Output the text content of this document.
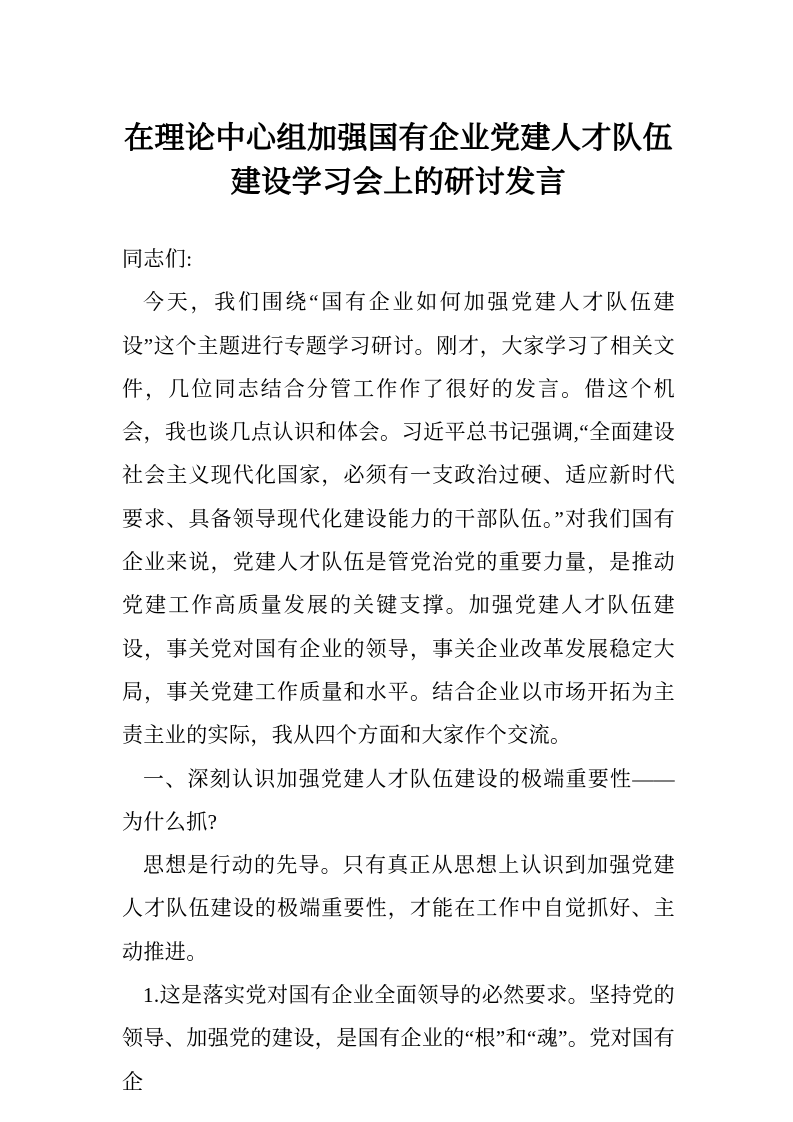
在理论中心组加强国有企业党建人才队伍
建设学习会上的研讨发言

同志们:

今天，我们围绕“国有企业如何加强党建人才队伍建设”这个主题进行专题学习研讨。刚才，大家学习了相关文件，几位同志结合分管工作作了很好的发言。借这个机会，我也谈几点认识和体会。习近平总书记强调,“全面建设社会主义现代化国家，必须有一支政治过硬、适应新时代要求、具备领导现代化建设能力的干部队伍。”对我们国有企业来说，党建人才队伍是管党治党的重要力量，是推动党建工作高质量发展的关键支撑。加强党建人才队伍建设，事关党对国有企业的领导，事关企业改革发展稳定大局，事关党建工作质量和水平。结合企业以市场开拓为主责主业的实际，我从四个方面和大家作个交流。

一、深刻认识加强党建人才队伍建设的极端重要性——为什么抓?

思想是行动的先导。只有真正从思想上认识到加强党建人才队伍建设的极端重要性，才能在工作中自觉抓好、主动推进。

1.这是落实党对国有企业全面领导的必然要求。坚持党的领导、加强党的建设，是国有企业的“根”和“魂”。党对国有企
